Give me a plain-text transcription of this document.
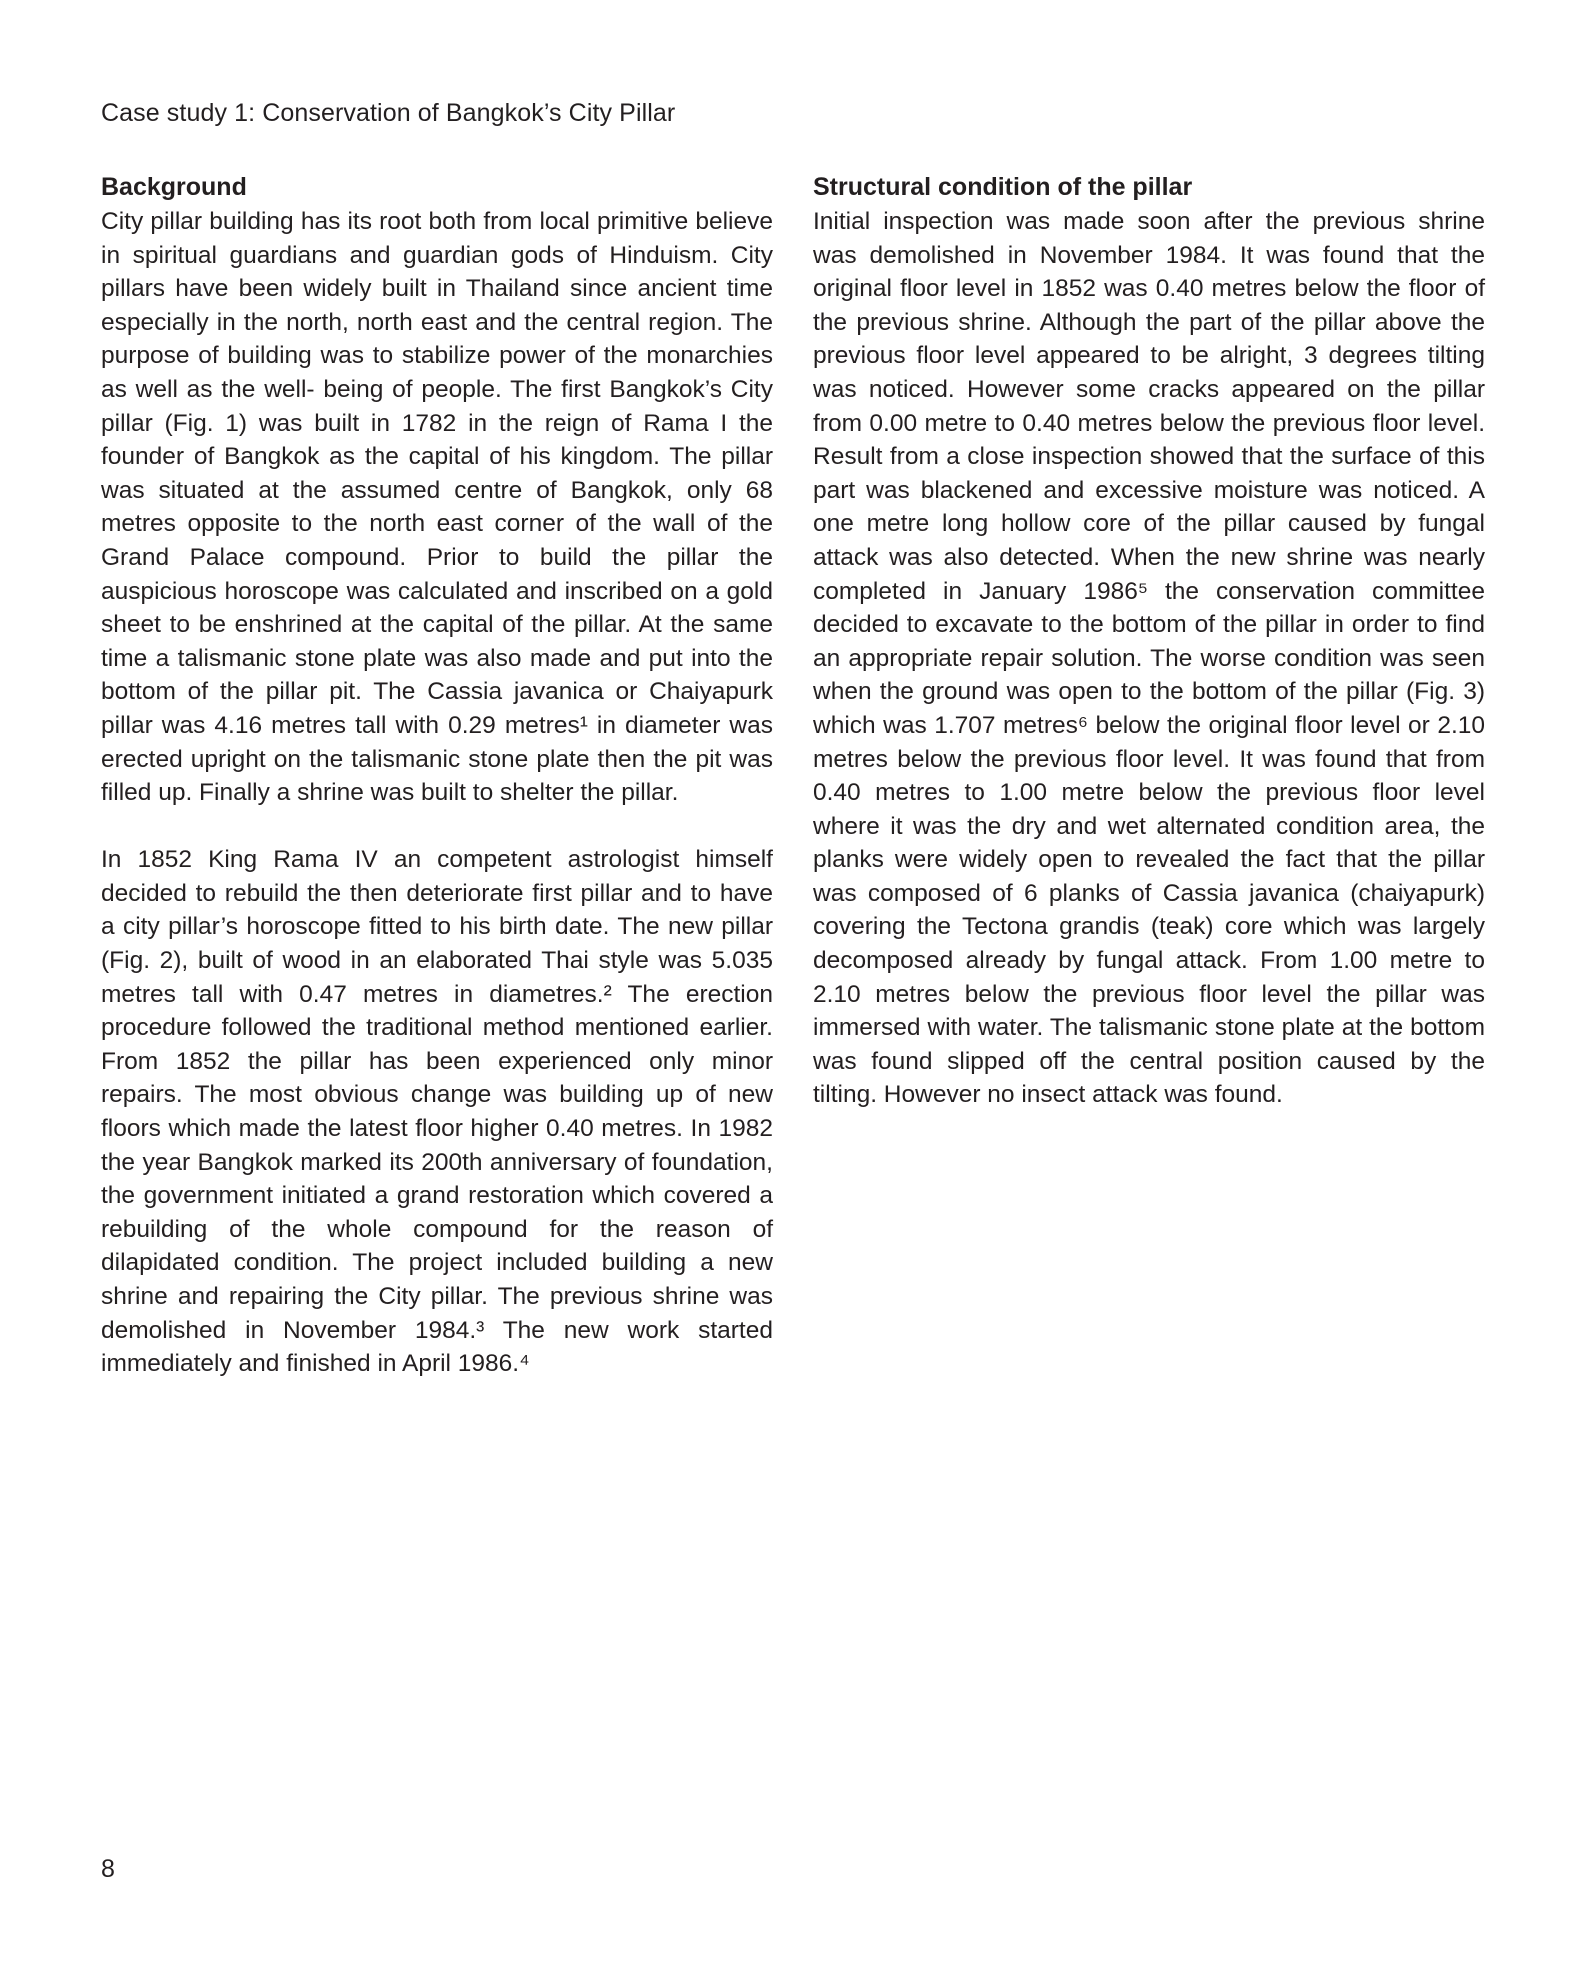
Case study 1: Conservation of Bangkok’s City Pillar
Background

City pillar building has its root both from local primitive believe in spiritual guardians and guardian gods of Hinduism. City pillars have been widely built in Thailand since ancient time especially in the north, north east and the central region. The purpose of building was to stabilize power of the monarchies as well as the well- being of people. The first Bangkok’s City pillar (Fig. 1) was built in 1782 in the reign of Rama I the founder of Bangkok as the capital of his kingdom. The pillar was situated at the assumed centre of Bangkok, only 68 metres opposite to the north east corner of the wall of the Grand Palace compound. Prior to build the pillar the auspicious horoscope was calculated and inscribed on a gold sheet to be enshrined at the capital of the pillar. At the same time a talismanic stone plate was also made and put into the bottom of the pillar pit. The Cassia javanica or Chaiyapurk pillar was 4.16 metres tall with 0.29 metres¹ in diameter was erected upright on the talismanic stone plate then the pit was filled up. Finally a shrine was built to shelter the pillar.

In 1852 King Rama IV an competent astrologist himself decided to rebuild the then deteriorate first pillar and to have a city pillar’s horoscope fitted to his birth date. The new pillar (Fig. 2), built of wood in an elaborated Thai style was 5.035 metres tall with 0.47 metres in diametres.² The erection procedure followed the traditional method mentioned earlier. From 1852 the pillar has been experienced only minor repairs. The most obvious change was building up of new floors which made the latest floor higher 0.40 metres. In 1982 the year Bangkok marked its 200th anniversary of foundation, the government initiated a grand restoration which covered a rebuilding of the whole compound for the reason of dilapidated condition. The project included building a new shrine and repairing the City pillar. The previous shrine was demolished in November 1984.³ The new work started immediately and finished in April 1986.⁴

Structural condition of the pillar

Initial inspection was made soon after the previous shrine was demolished in November 1984. It was found that the original floor level in 1852 was 0.40 metres below the floor of the previous shrine. Although the part of the pillar above the previous floor level appeared to be alright, 3 degrees tilting was noticed. However some cracks appeared on the pillar from 0.00 metre to 0.40 metres below the previous floor level. Result from a close inspection showed that the surface of this part was blackened and excessive moisture was noticed. A one metre long hollow core of the pillar caused by fungal attack was also detected. When the new shrine was nearly completed in January 1986⁵ the conservation committee decided to excavate to the bottom of the pillar in order to find an appropriate repair solution. The worse condition was seen when the ground was open to the bottom of the pillar (Fig. 3) which was 1.707 metres⁶ below the original floor level or 2.10 metres below the previous floor level. It was found that from 0.40 metres to 1.00 metre below the previous floor level where it was the dry and wet alternated condition area, the planks were widely open to revealed the fact that the pillar was composed of 6 planks of Cassia javanica (chaiyapurk) covering the Tectona grandis (teak) core which was largely decomposed already by fungal attack. From 1.00 metre to 2.10 metres below the previous floor level the pillar was immersed with water. The talismanic stone plate at the bottom was found slipped off the central position caused by the tilting. However no insect attack was found.

8
